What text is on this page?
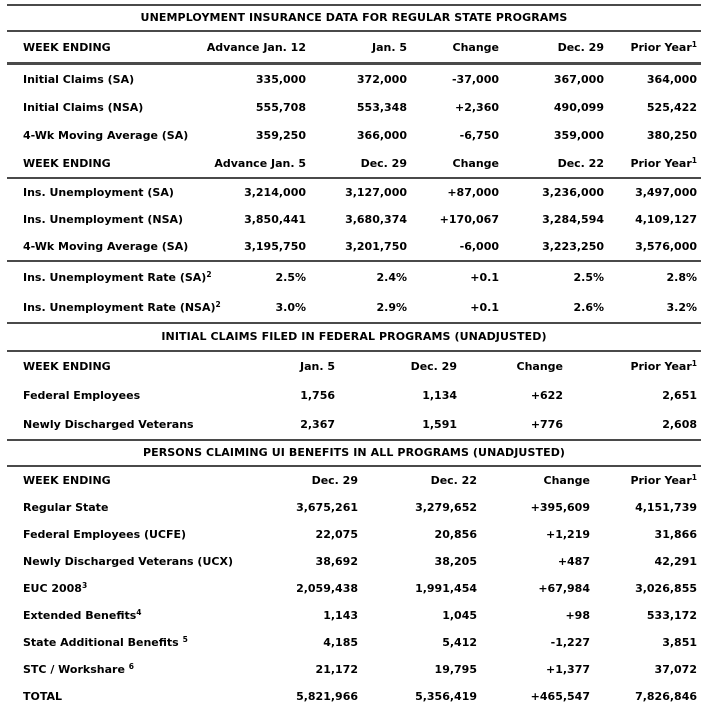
UNEMPLOYMENT INSURANCE DATA FOR REGULAR STATE PROGRAMS
WEEK ENDING	Advance Jan. 12	Jan. 5	Change	Dec. 29	Prior Year$^1$
Initial Claims (SA)	335,000	372,000	-37,000	367,000	364,000
Initial Claims (NSA)	555,708	553,348	+2,360	490,099	525,422
4-Wk Moving Average (SA)	359,250	366,000	-6,750	359,000	380,250
WEEK ENDING	Advance Jan. 5	Dec. 29	Change	Dec. 22	Prior Year$^1$
Ins. Unemployment (SA)	3,214,000	3,127,000	+87,000	3,236,000	3,497,000
Ins. Unemployment (NSA)	3,850,441	3,680,374	+170,067	3,284,594	4,109,127
4-Wk Moving Average (SA)	3,195,750	3,201,750	-6,000	3,223,250	3,576,000
Ins. Unemployment Rate (SA)$^2$	2.5%	2.4%	+0.1	2.5%	2.8%
Ins. Unemployment Rate (NSA)$^2$	3.0%	2.9%	+0.1	2.6%	3.2%
INITIAL CLAIMS FILED IN FEDERAL PROGRAMS (UNADJUSTED)
WEEK ENDING	Jan. 5	Dec. 29	Change	Prior Year$^1$
Federal Employees	1,756	1,134	+622	2,651
Newly Discharged Veterans	2,367	1,591	+776	2,608
PERSONS CLAIMING UI BENEFITS IN ALL PROGRAMS (UNADJUSTED)
WEEK ENDING	Dec. 29	Dec. 22	Change	Prior Year$^1$
Regular State	3,675,261	3,279,652	+395,609	4,151,739
Federal Employees (UCFE)	22,075	20,856	+1,219	31,866
Newly Discharged Veterans (UCX)	38,692	38,205	+487	42,291
EUC 2008$^3$	2,059,438	1,991,454	+67,984	3,026,855
Extended Benefits$^4$	1,143	1,045	+98	533,172
State Additional Benefits $^5$	4,185	5,412	-1,227	3,851
STC / Workshare $^6$	21,172	19,795	+1,377	37,072
TOTAL	5,821,966	5,356,419	+465,547	7,826,846
